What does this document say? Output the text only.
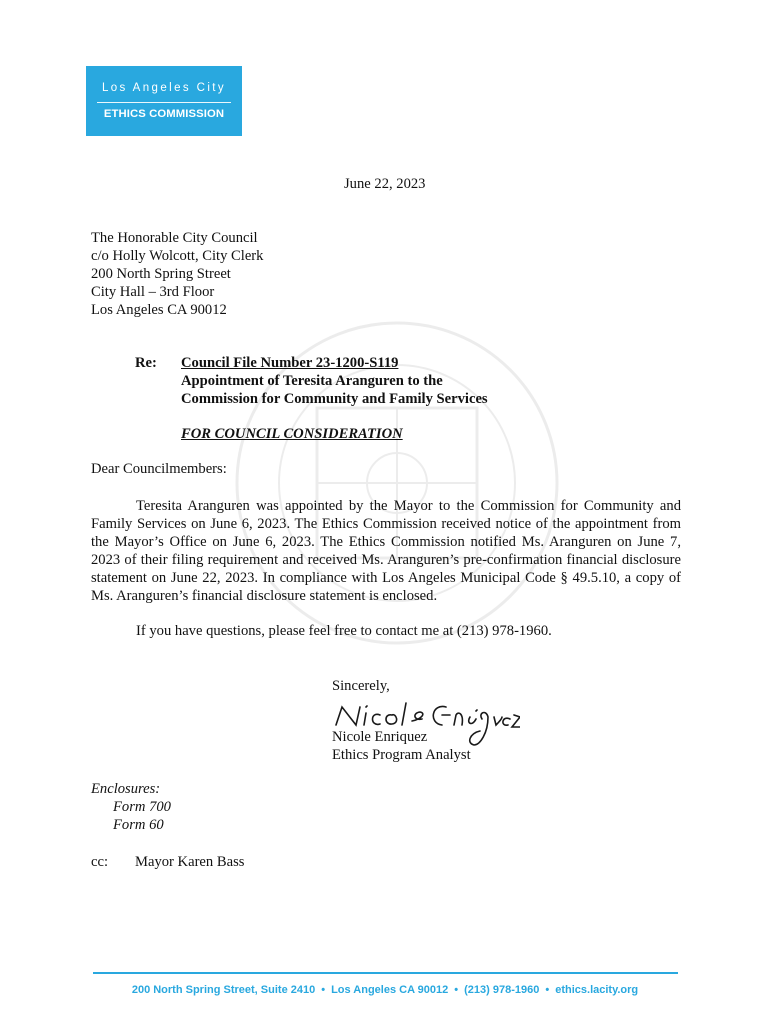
Los Angeles City
ETHICS COMMISSION
June 22, 2023
The Honorable City Council
c/o Holly Wolcott, City Clerk
200 North Spring Street
City Hall – 3rd Floor
Los Angeles CA 90012
Re: Council File Number 23-1200-S119
Appointment of Teresita Aranguren to the
Commission for Community and Family Services
FOR COUNCIL CONSIDERATION
Dear Councilmembers:

Teresita Aranguren was appointed by the Mayor to the Commission for Community and Family Services on June 6, 2023. The Ethics Commission received notice of the appointment from the Mayor’s Office on June 6, 2023. The Ethics Commission notified Ms. Aranguren on June 7, 2023 of their filing requirement and received Ms. Aranguren’s pre-confirmation financial disclosure statement on June 22, 2023. In compliance with Los Angeles Municipal Code § 49.5.10, a copy of Ms. Aranguren’s financial disclosure statement is enclosed.

If you have questions, please feel free to contact me at (213) 978-1960.
Sincerely,
Nicole Enriquez
Ethics Program Analyst
Enclosures:
Form 700
Form 60
cc: Mayor Karen Bass
200 North Spring Street, Suite 2410 • Los Angeles CA 90012 • (213) 978-1960 • ethics.lacity.org
